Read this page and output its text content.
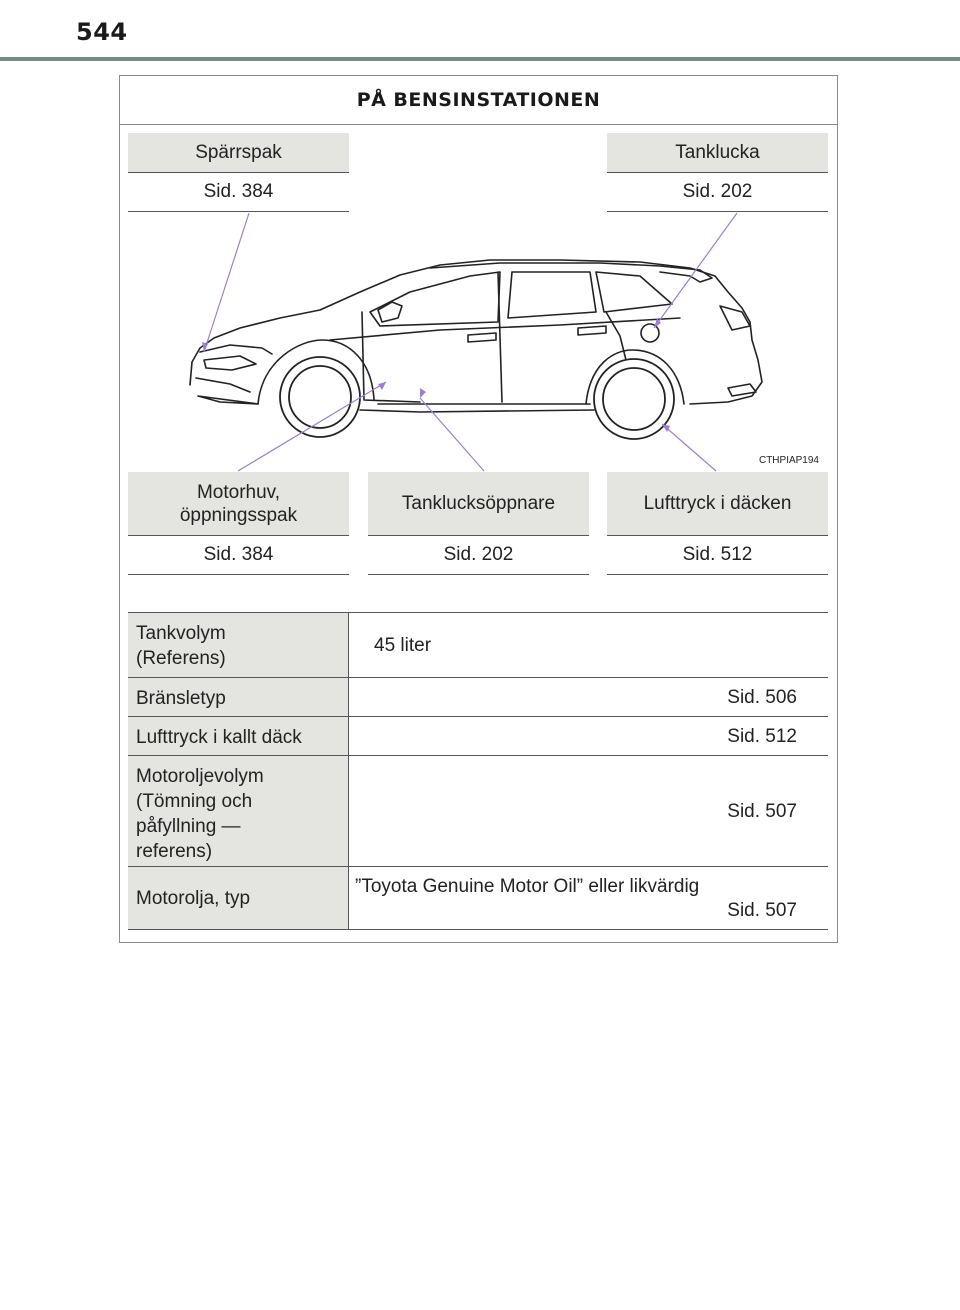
544
PÅ BENSINSTATIONEN
Spärrspak
Sid. 384
Tanklucka
Sid. 202
CTHPIAP194
Motorhuv,
öppningsspak
Sid. 384
Tanklucksöppnare
Sid. 202
Lufttryck i däcken
Sid. 512
Tankvolym
(Referens)
45 liter
Bränsletyp	Sid. 506
Lufttryck i kallt däck	Sid. 512
Motoroljevolym
(Tömning och
påfyllning —
referens)
Sid. 507
Motorolja, typ
”Toyota Genuine Motor Oil” eller likvärdig
Sid. 507
